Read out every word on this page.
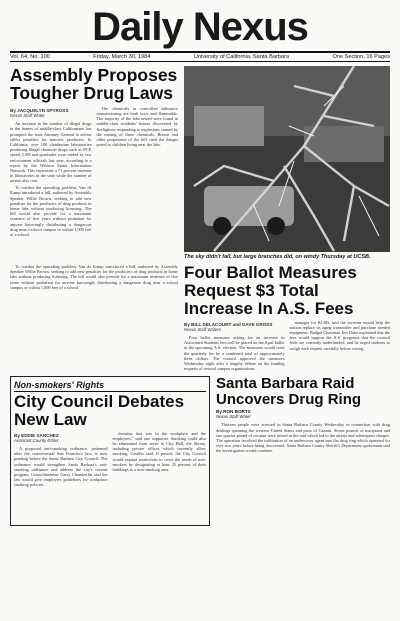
Daily Nexus
Vol. 64, No. 100	Friday, March 30, 1984	University of California, Santa Barbara	One Section, 16 Pages
Assembly Proposes Tougher Drug Laws
By JACQUELYN SPYROSS
Nexus Staff Writer

An increase in the number of illegal drugs in the homes of middle-class Californians has prompted the state Attorney General to advise stiffer penalties for narcotic producers. In California, over 100 clandestine laboratories producing illegal chemical drugs such as PCP, speed, LSD and quaaludes were raided by law enforcement officials last year, according to a report by the Western States Information Network. This represents a 71 percent increase in laboratories in the state while the number of arrests also rose.

To combat the spreading problem, Van de Kamp introduced a bill, authored by Assembly Speaker Willie Brown, seeking to add new penalties for the producers of drug products in home labs without producing licensing. The bill would also provide for a maximum sentence of five years without probation for anyone knowingly distributing a dangerous drug near a school campus or within 1,000 feet of a school.

The chemicals in controlled substance manufacturing are both toxic and flammable. The majority of the labs seized were found in middle-class residents' homes discovered by firefighters responding to explosions caused by the mixing of these chemicals. Brown and other proponents of the bill cited the danger posed to children living near the labs.

The sky didn't fall, but large branches did, on windy Thursday at UCSB.

To combat the spreading problem, Van de Kamp introduced a bill, authored by Assembly Speaker Willie Brown, seeking to add new penalties for the producers of drug products in home labs without producing licensing. The bill would also provide for a maximum sentence of five years without probation for anyone knowingly distributing a dangerous drug near a school campus or within 1,000 feet of a school.

Four Ballot Measures Request $3 Total Increase In A.S. Fees
By BILL DELACOURT and DAVE GROSS
Nexus Staff Writers

Four ballot measures asking for an increase in Associated Students fees will be placed on the April ballot in the upcoming A.S. election. The measures would raise the quarterly fee by a combined total of approximately three dollars. The council approved the measures Wednesday night after a lengthy debate on the funding requests of several campus organizations.

manager for KCSB, said the increase would help the station replace its aging transmitter and purchase needed equipment. Budget Chairman Jim Duke explained that the fees would support the A.S. programs that the council feels are currently underfunded, and he urged students to weigh each request carefully before voting.

Non-smokers' Rights
City Council Debates New Law
By EDDIE SANCHEZ
Assistant County Editor

A proposed anti-smoking ordinance, patterned after the controversial San Francisco law, is now pending before the Santa Barbara City Council. The ordinance would strengthen Santa Barbara's anti-smoking ordinance and address the city's current program. Councilmember Gerry Chamberlin said the law would give employers guidelines for workplace smoking policies.

chemists that was in the workplace and the employees," said one supporter. Smoking could also be eliminated from areas in City Hall, the library, including private offices which currently allow smoking, Castillo said. If passed, the City Council would expand restrictions to cover the needs of non-smokers by designating at least 25 percent of their buildings as a non-smoking area.

Santa Barbara Raid Uncovers Drug Ring
By RON BORTS
Nexus Staff Writer

Thirteen people were arrested in Santa Barbara County Wednesday in connection with drug dealings spanning the western United States and parts of Canada. Seven pounds of marijuana and one quarter pound of cocaine were seized in the raid which led to the arrests and subsequent charges. The operation involved the infiltration of an undercover agent into the drug ring which operated for over two years before being discovered. Santa Barbara County Sheriff's Department spokesman said the investigation would continue.
